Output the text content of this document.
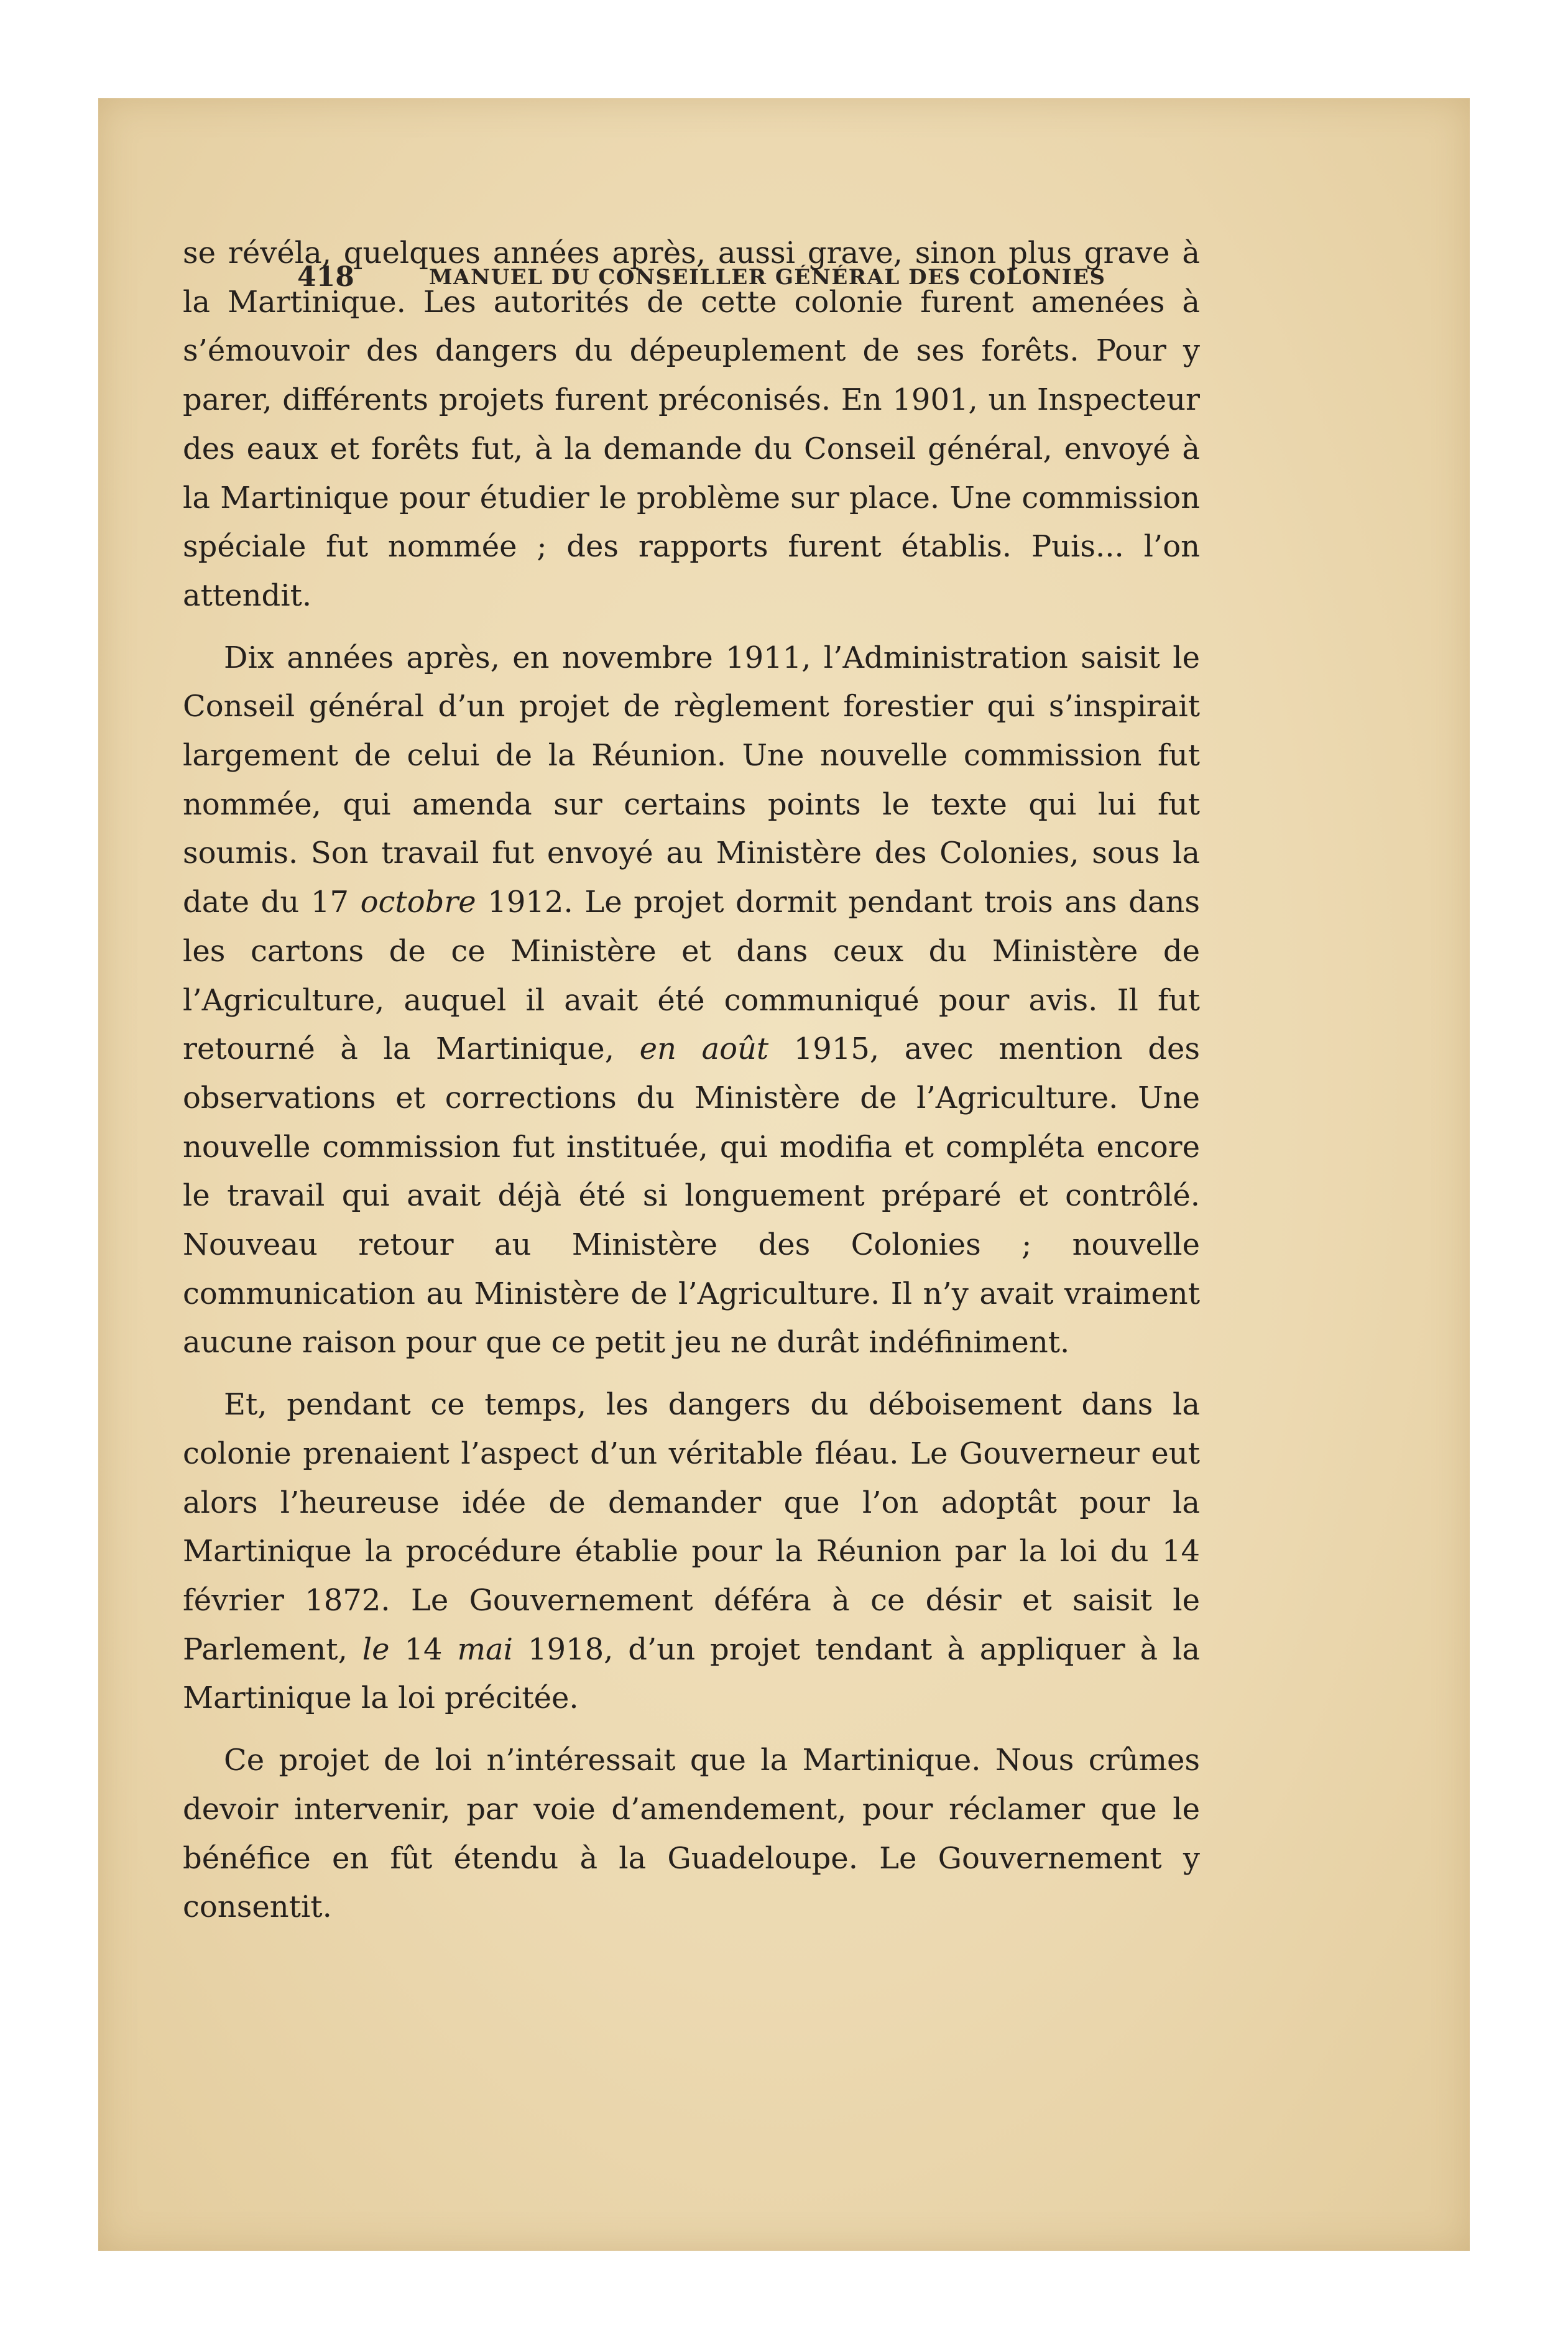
418	MANUEL DU CONSEILLER GÉNÉRAL DES COLONIES

se révéla, quelques années après, aussi grave, sinon plus grave à la Martinique. Les autorités de cette colonie furent amenées à s’émouvoir des dangers du dépeuplement de ses forêts. Pour y parer, différents projets furent préconisés. En 1901, un Inspecteur des eaux et forêts fut, à la demande du Conseil général, envoyé à la Martinique pour étudier le problème sur place. Une commission spéciale fut nommée ; des rapports furent établis. Puis... l’on attendit.

Dix années après, en novembre 1911, l’Administration saisit le Conseil général d’un projet de règlement forestier qui s’inspirait largement de celui de la Réunion. Une nouvelle commission fut nommée, qui amenda sur certains points le texte qui lui fut soumis. Son travail fut envoyé au Ministère des Colonies, sous la date du 17 octobre 1912. Le projet dormit pendant trois ans dans les cartons de ce Ministère et dans ceux du Ministère de l’Agriculture, auquel il avait été communiqué pour avis. Il fut retourné à la Martinique, en août 1915, avec mention des observations et corrections du Ministère de l’Agriculture. Une nouvelle commission fut instituée, qui modifia et compléta encore le travail qui avait déjà été si longuement préparé et contrôlé. Nouveau retour au Ministère des Colonies ; nouvelle communication au Ministère de l’Agriculture. Il n’y avait vraiment aucune raison pour que ce petit jeu ne durât indéfiniment.

Et, pendant ce temps, les dangers du déboisement dans la colonie prenaient l’aspect d’un véritable fléau. Le Gouverneur eut alors l’heureuse idée de demander que l’on adoptât pour la Martinique la procédure établie pour la Réunion par la loi du 14 février 1872. Le Gouvernement déféra à ce désir et saisit le Parlement, le 14 mai 1918, d’un projet tendant à appliquer à la Martinique la loi précitée.

Ce projet de loi n’intéressait que la Martinique. Nous crûmes devoir intervenir, par voie d’amendement, pour réclamer que le bénéfice en fût étendu à la Guadeloupe. Le Gouvernement y consentit.
